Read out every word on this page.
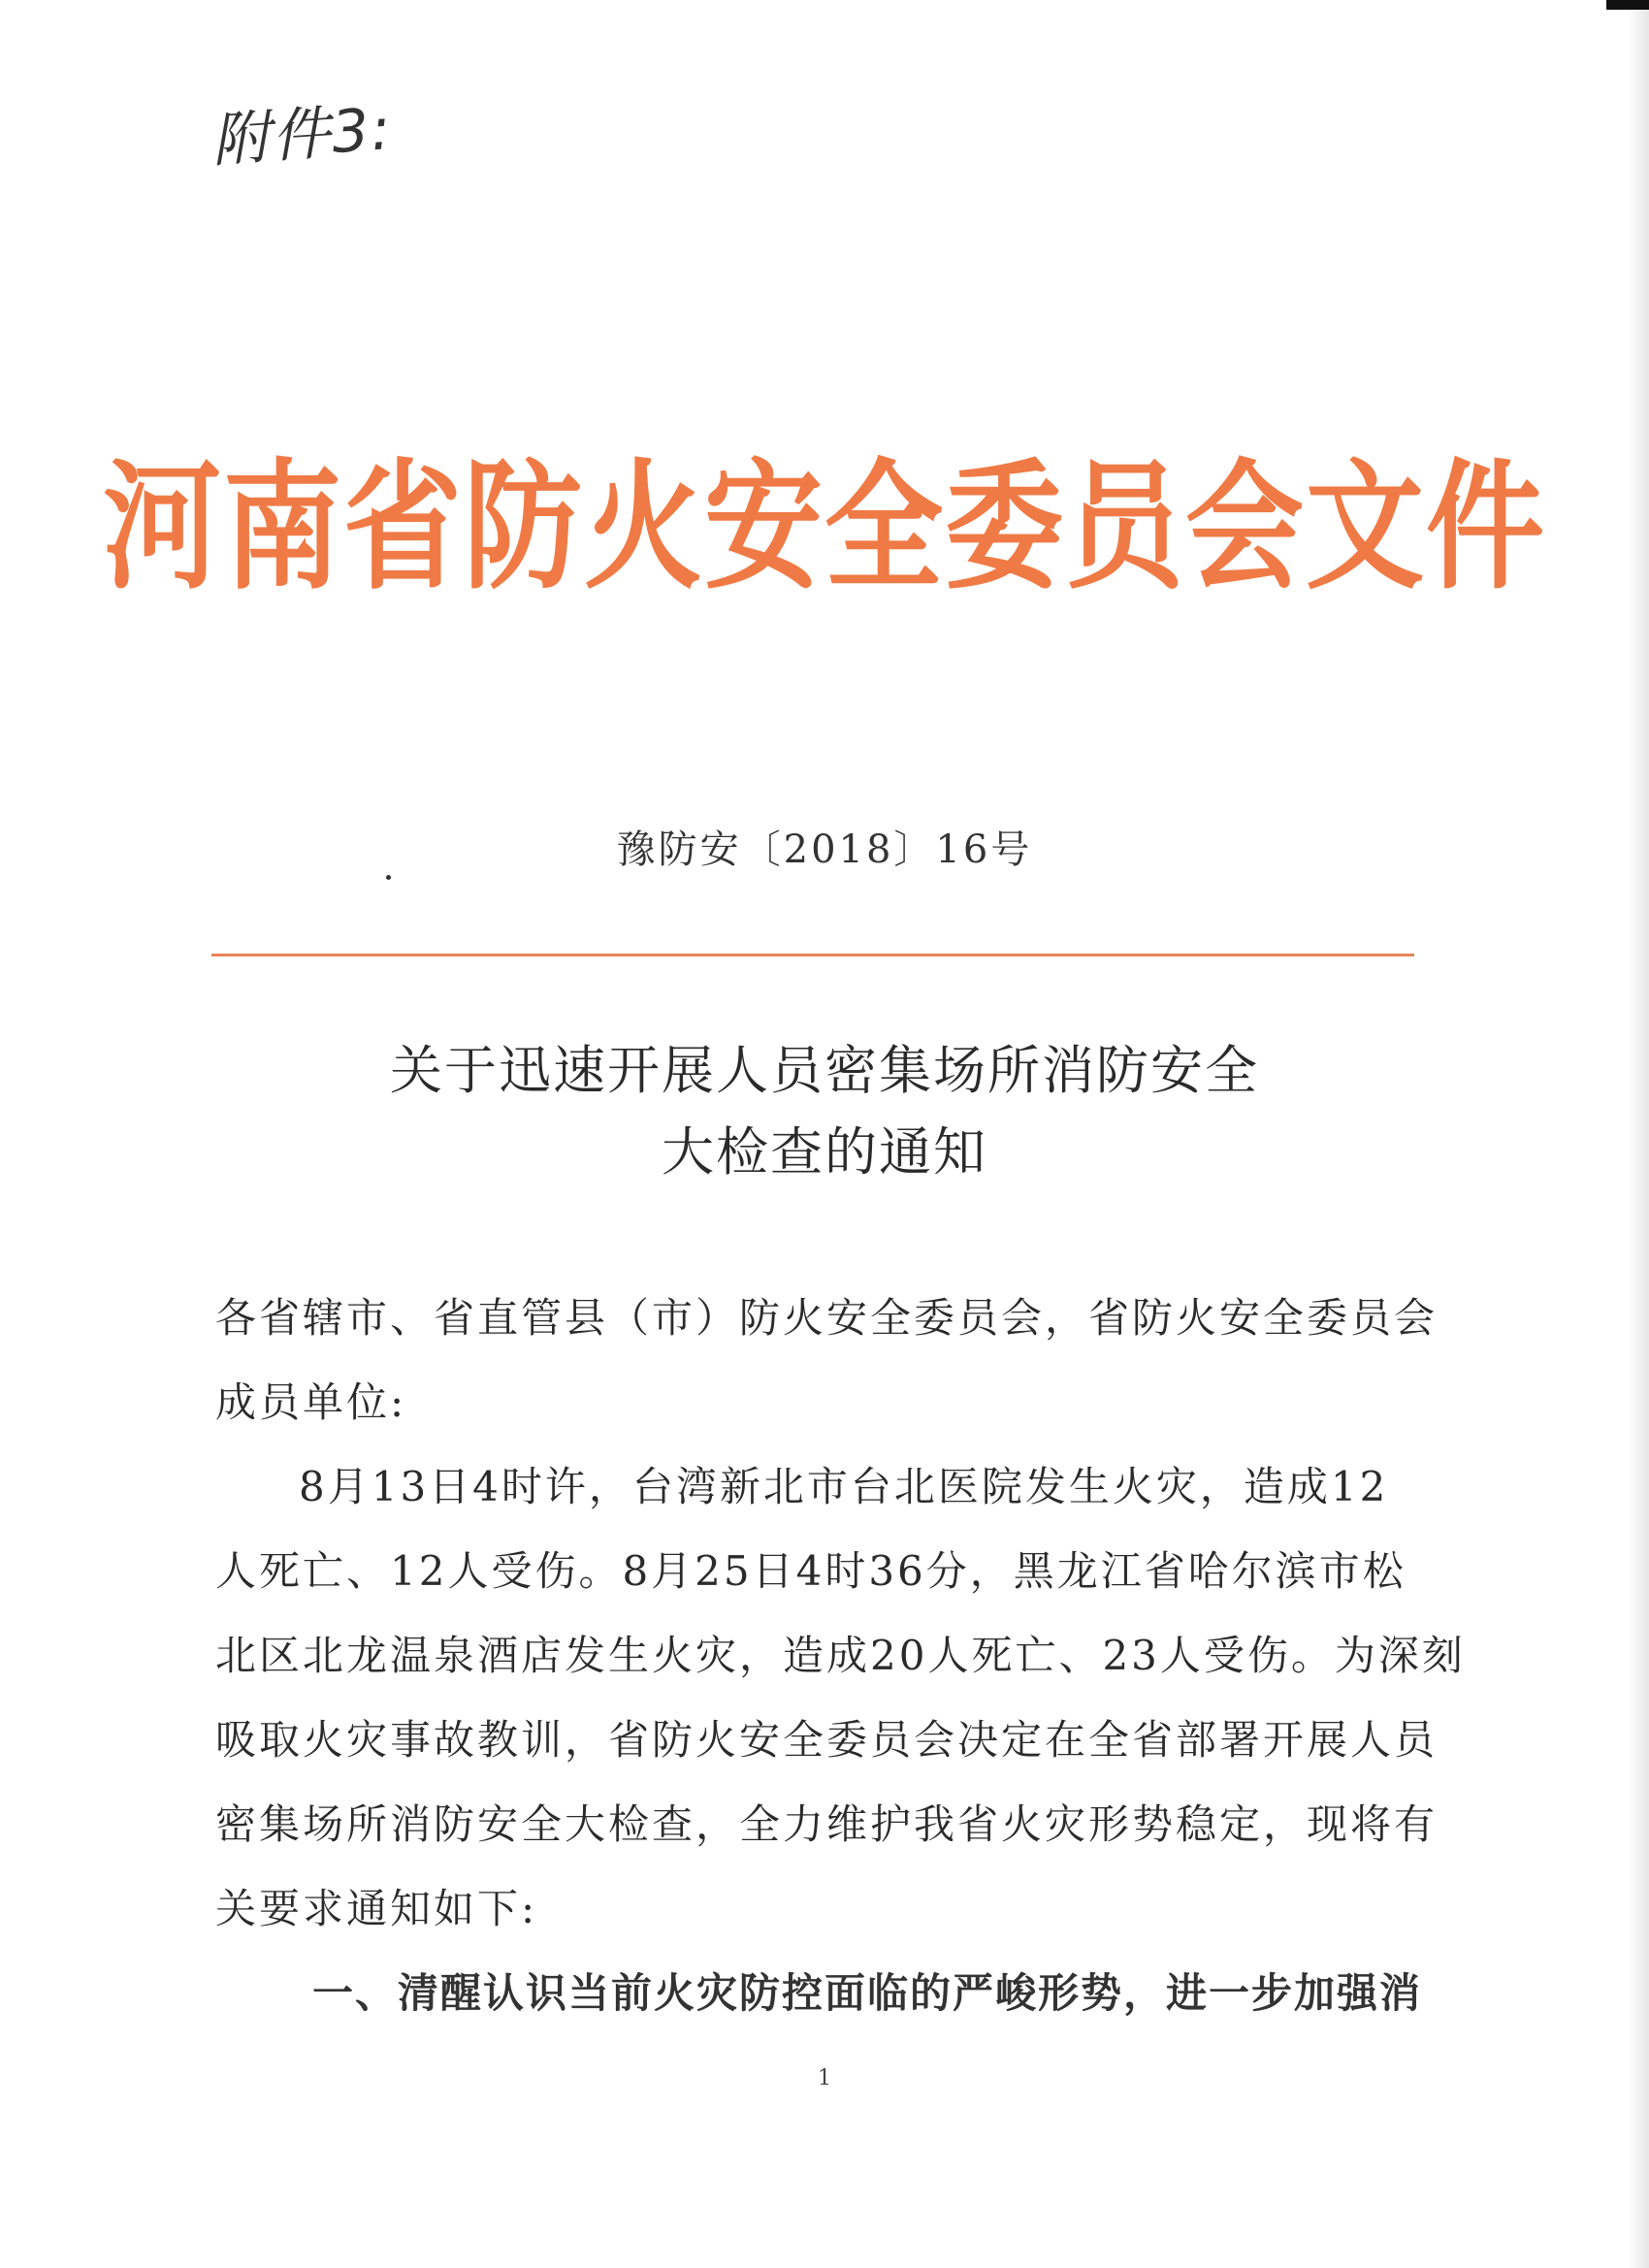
附件3:
河南省防火安全委员会文件
豫防安〔2018〕16号
关于迅速开展人员密集场所消防安全
大检查的通知
各省辖市、省直管县（市）防火安全委员会，省防火安全委员会
成员单位:
8月13日4时许，台湾新北市台北医院发生火灾，造成12
人死亡、12人受伤。8月25日4时36分，黑龙江省哈尔滨市松
北区北龙温泉酒店发生火灾，造成20人死亡、23人受伤。为深刻
吸取火灾事故教训，省防火安全委员会决定在全省部署开展人员
密集场所消防安全大检查，全力维护我省火灾形势稳定，现将有
关要求通知如下:
一、清醒认识当前火灾防控面临的严峻形势，进一步加强消
1
